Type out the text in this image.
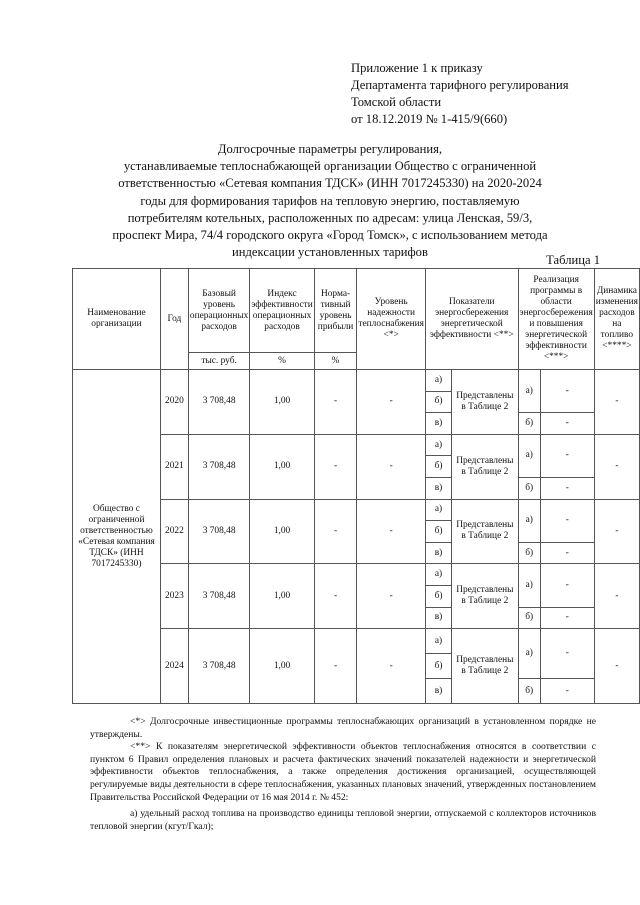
Приложение 1 к приказу
Департамента тарифного регулирования
Томской области
от 18.12.2019 № 1-415/9(660)
Долгосрочные параметры регулирования,
устанавливаемые теплоснабжающей организации Общество с ограниченной
ответственностью «Сетевая компания ТДСК» (ИНН 7017245330) на 2020-2024
годы для формирования тарифов на тепловую энергию, поставляемую
потребителям котельных, расположенных по адресам: улица Ленская, 59/3,
проспект Мира, 74/4 городского округа «Город Томск», с использованием метода
индексации установленных тарифов
Таблица 1
Наименование организации	Год	Базовый уровень операционных расходов	Индекс эффективности операционных расходов	Норма-тивный уровень прибыли	Уровень надежности теплоснабжения <*>	Показатели энергосбережения энергетической эффективности <**>		Реализация программы в области энергосбережения и повышения энергетической эффективности <***>		Динамика изменения расходов на топливо <****>
		тыс. руб.	%	%						
Общество с ограниченной ответственностью «Сетевая компания ТДСК» (ИНН 7017245330)	2020	3 708,48	1,00	-	-	а)	Представлены в Таблице 2	а)	-	-
						б)				
						в)		б)	-	
	2021	3 708,48	1,00	-	-	а)	Представлены в Таблице 2	а)	-	-
						б)				
						в)		б)	-	
	2022	3 708,48	1,00	-	-	а)	Представлены в Таблице 2	а)	-	-
						б)				
						в)		б)	-	
	2023	3 708,48	1,00	-	-	а)	Представлены в Таблице 2	а)	-	-
						б)				
						в)		б)	-	
	2024	3 708,48	1,00	-	-	а)	Представлены в Таблице 2	а)	-	-
						б)				
						в)		б)	-	

<*> Долгосрочные инвестиционные программы теплоснабжающих организаций в установленном порядке не утверждены.

<**> К показателям энергетической эффективности объектов теплоснабжения относятся в соответствии с пунктом 6 Правил определения плановых и расчета фактических значений показателей надежности и энергетической эффективности объектов теплоснабжения, а также определения достижения организацией, осуществляющей регулируемые виды деятельности в сфере теплоснабжения, указанных плановых значений, утвержденных постановлением Правительства Российской Федерации от 16 мая 2014 г. № 452:

а) удельный расход топлива на производство единицы тепловой энергии, отпускаемой с коллекторов источников тепловой энергии (кгут/Гкал);
